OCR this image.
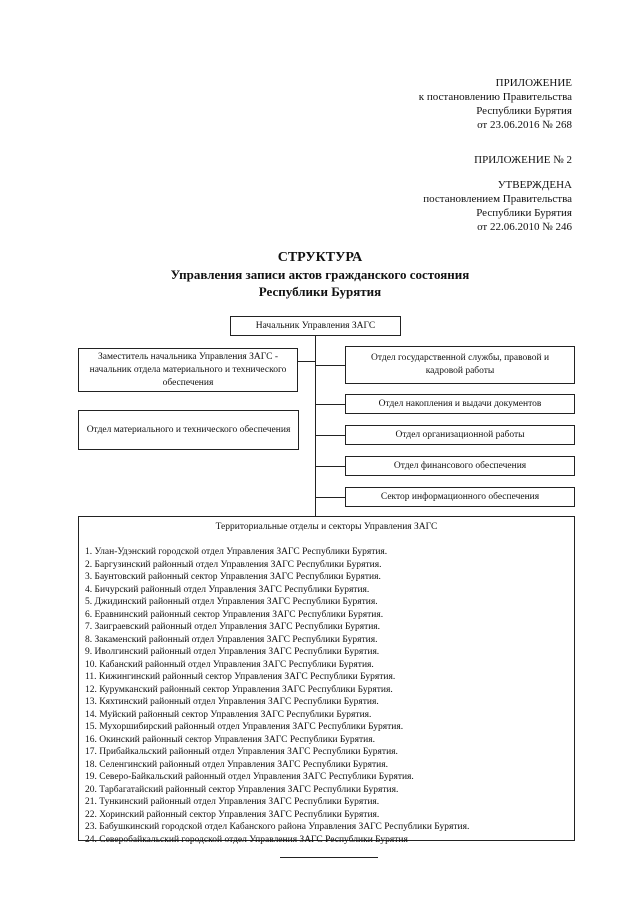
ПРИЛОЖЕНИЕ
к постановлению Правительства
Республики Бурятия
от 23.06.2016 № 268
ПРИЛОЖЕНИЕ № 2
УТВЕРЖДЕНА
постановлением Правительства
Республики Бурятия
от 22.06.2010 № 246
СТРУКТУРА
Управления записи актов гражданского состояния
Республики Бурятия
Начальник Управления ЗАГС
Заместитель начальника Управления ЗАГС - начальник отдела материального и технического обеспечения
Отдел материального и технического обеспечения
Отдел государственной службы, правовой и кадровой работы
Отдел накопления и выдачи документов
Отдел организационной работы
Отдел финансового обеспечения
Сектор информационного обеспечения
Территориальные отделы и секторы Управления ЗАГС
1. Улан-Удэнский городской отдел Управления ЗАГС Республики Бурятия.
2. Баргузинский районный отдел Управления ЗАГС Республики Бурятия.
3. Баунтовский районный сектор Управления ЗАГС Республики Бурятия.
4. Бичурский районный отдел Управления ЗАГС Республики Бурятия.
5. Джидинский районный отдел Управления ЗАГС Республики Бурятия.
6. Еравнинский районный сектор Управления ЗАГС Республики Бурятия.
7. Заиграевский районный отдел Управления ЗАГС Республики Бурятия.
8. Закаменский районный отдел Управления ЗАГС Республики Бурятия.
9. Иволгинский районный отдел Управления ЗАГС Республики Бурятия.
10. Кабанский районный отдел Управления ЗАГС Республики Бурятия.
11. Кижингинский районный сектор Управления ЗАГС Республики Бурятия.
12. Курумканский районный сектор Управления ЗАГС Республики Бурятия.
13. Кяхтинский районный отдел Управления ЗАГС Республики Бурятия.
14. Муйский районный сектор Управления ЗАГС Республики Бурятия.
15. Мухоршибирский районный отдел Управления ЗАГС Республики Бурятия.
16. Окинский районный сектор Управления ЗАГС Республики Бурятия.
17. Прибайкальский районный отдел Управления ЗАГС Республики Бурятия.
18. Селенгинский районный отдел Управления ЗАГС Республики Бурятия.
19. Северо-Байкальский районный отдел Управления ЗАГС Республики Бурятия.
20. Тарбагатайский районный сектор Управления ЗАГС Республики Бурятия.
21. Тункинский районный отдел Управления ЗАГС Республики Бурятия.
22. Хоринский районный сектор Управления ЗАГС Республики Бурятия.
23. Бабушкинский городской отдел Кабанского района Управления ЗАГС Республики Бурятия.
24. Северобайкальский городской отдел Управления ЗАГС Республики Бурятия
